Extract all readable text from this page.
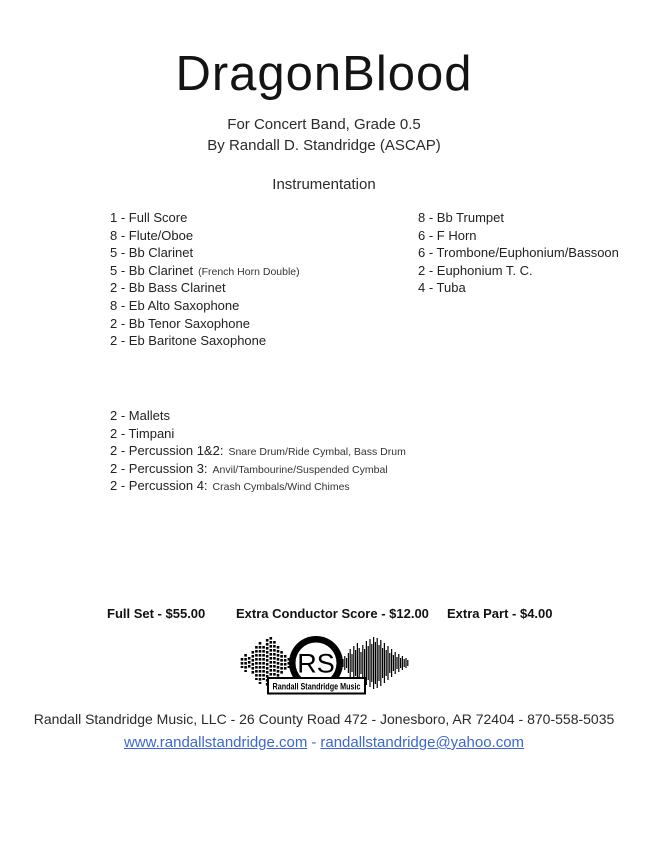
DragonBlood
For Concert Band, Grade 0.5
By Randall D. Standridge (ASCAP)
Instrumentation
1 - Full Score
8 - Flute/Oboe
5 - Bb Clarinet
5 - Bb Clarinet (French Horn Double)
2 - Bb Bass Clarinet
8 - Eb Alto Saxophone
2 - Bb Tenor Saxophone
2 - Eb Baritone Saxophone
8 - Bb Trumpet
6 - F Horn
6 - Trombone/Euphonium/Bassoon
2 - Euphonium T. C.
4 - Tuba
2 - Mallets
2 - Timpani
2 - Percussion 1&2: Snare Drum/Ride Cymbal, Bass Drum
2 - Percussion 3: Anvil/Tambourine/Suspended Cymbal
2 - Percussion 4: Crash Cymbals/Wind Chimes
Full Set - $55.00 Extra Conductor Score - $12.00 Extra Part - $4.00
RS
Randall Standridge Music
Randall Standridge Music, LLC - 26 County Road 472 - Jonesboro, AR 72404 - 870-558-5035
www.randallstandridge.com - randallstandridge@yahoo.com
